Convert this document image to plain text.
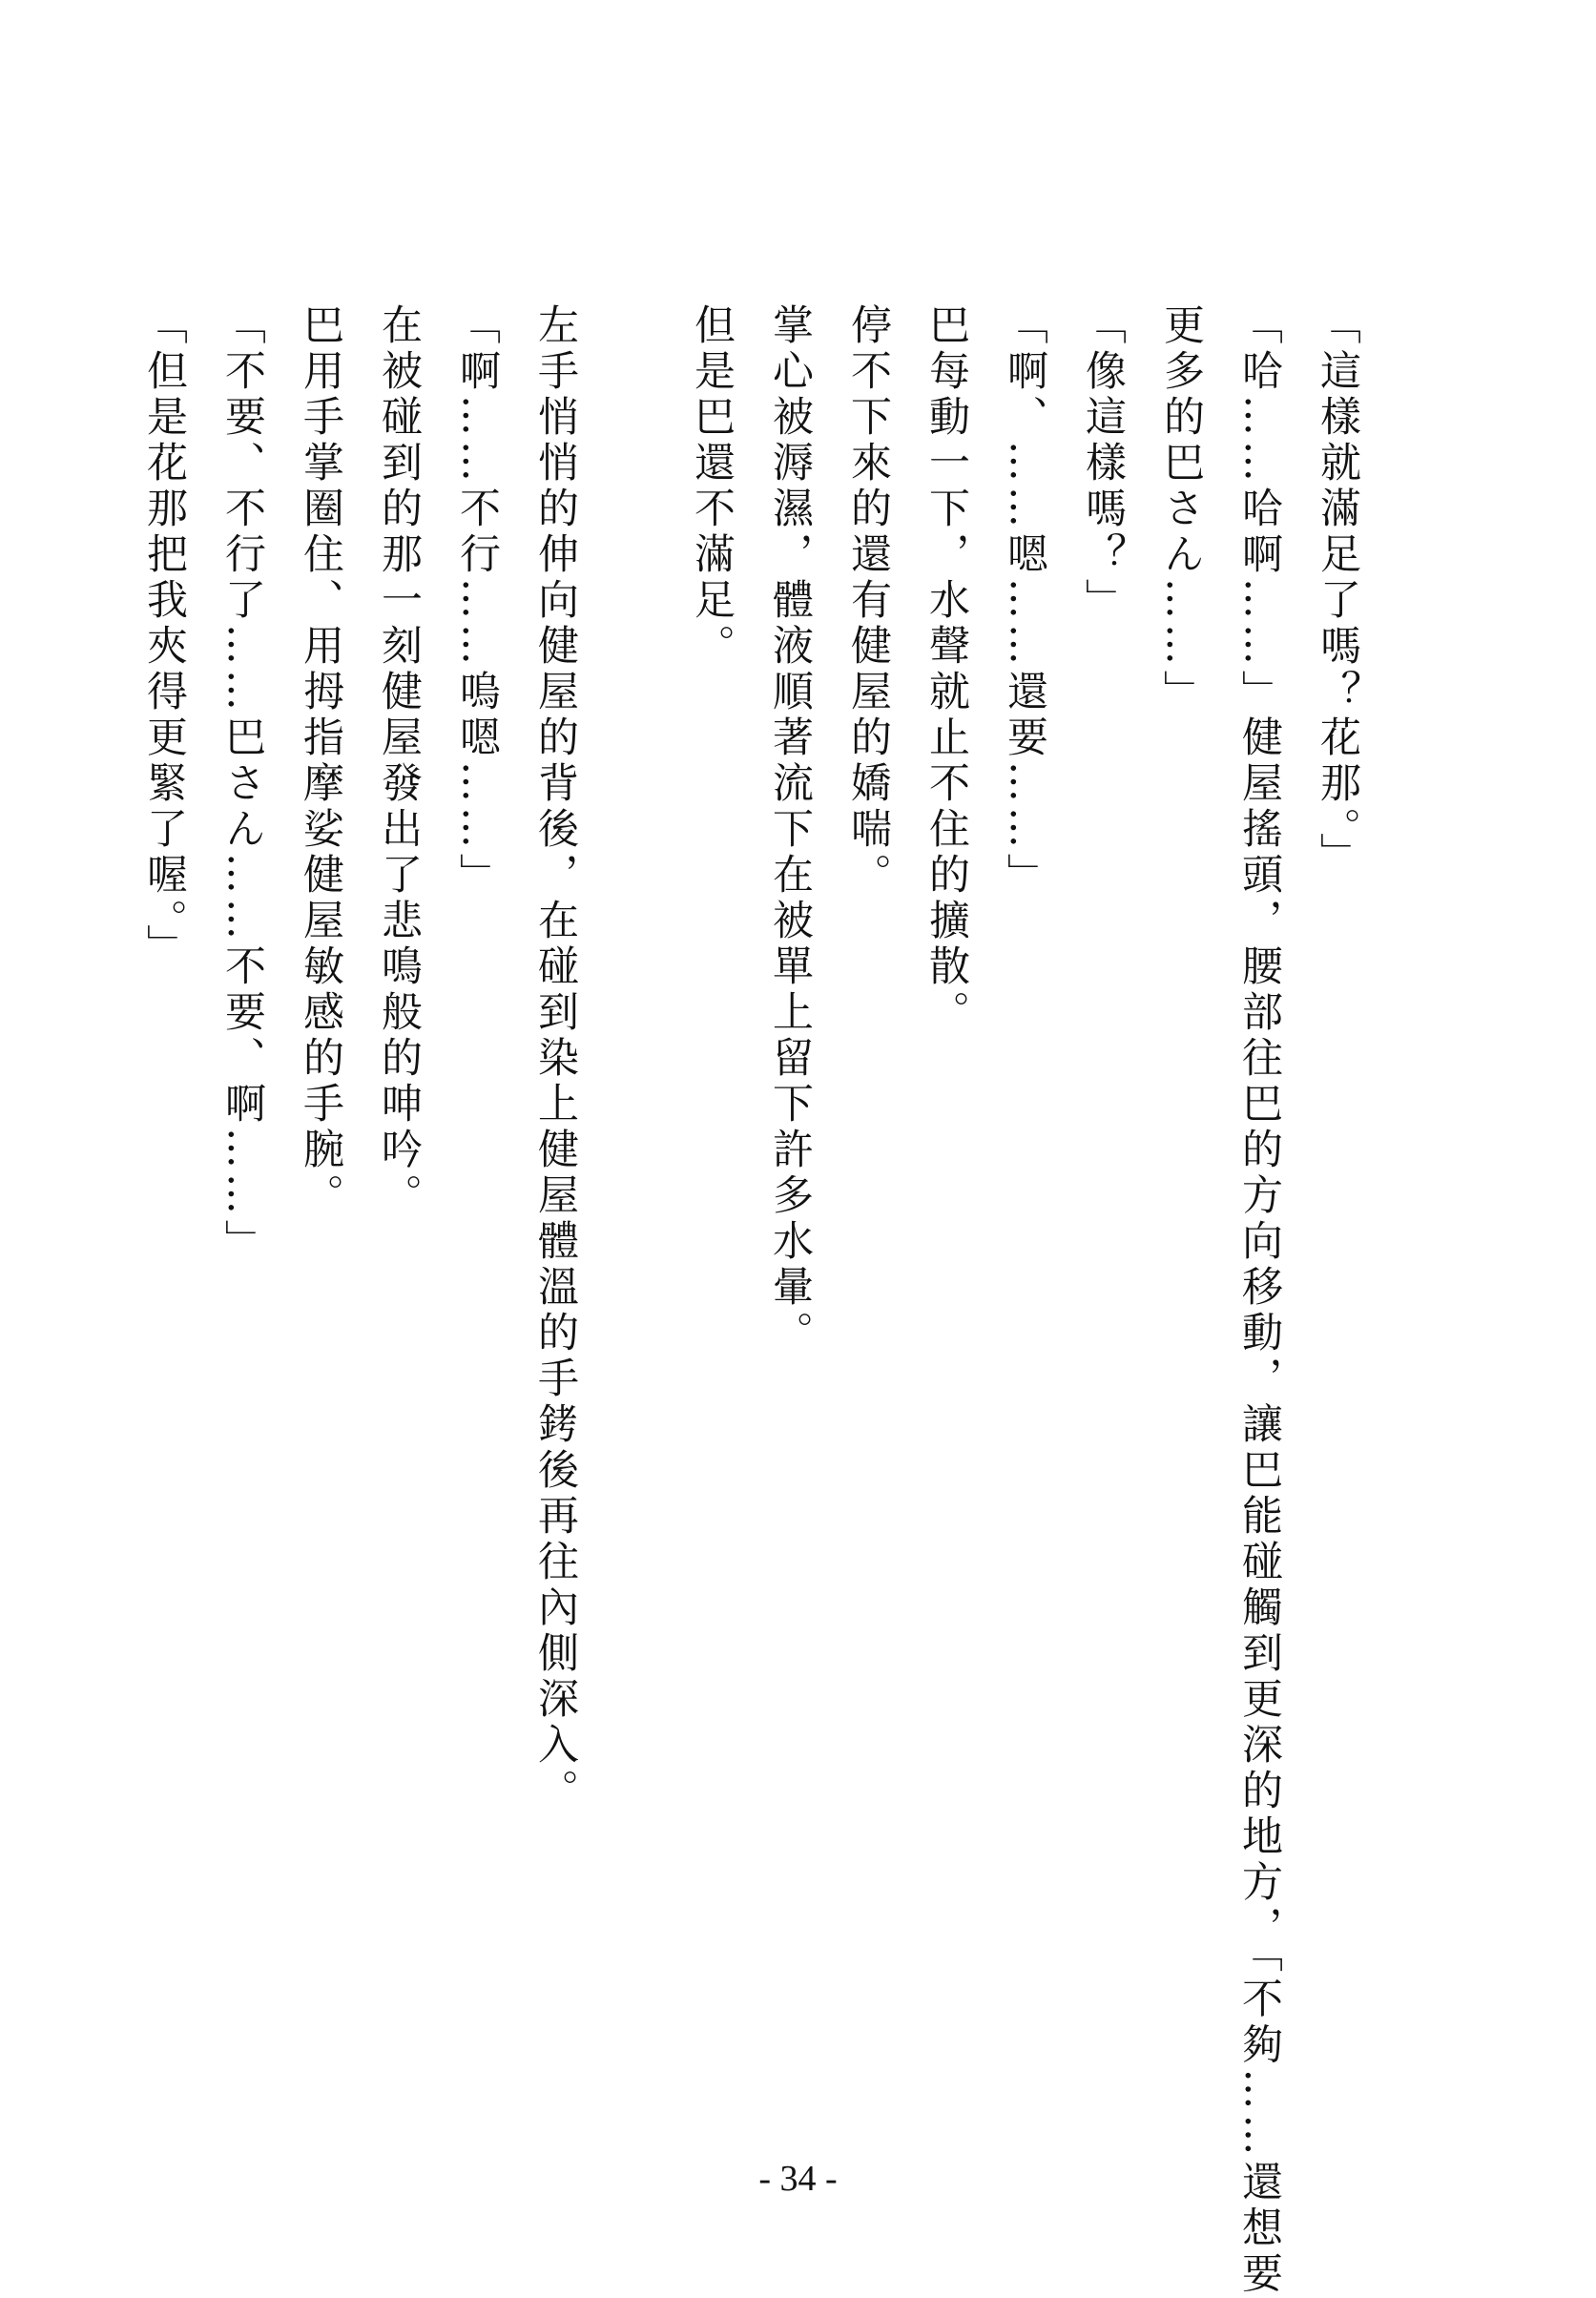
「這樣就滿足了嗎？花那。」
「哈……哈啊……」健屋搖頭，腰部往巴的方向移動，讓巴能碰觸到更深的地方，「不夠……還想要
更多的巴さん……」
「像這樣嗎？」
「啊、……嗯……還要……」
巴每動一下，水聲就止不住的擴散。
停不下來的還有健屋的嬌喘。
掌心被溽濕，體液順著流下在被單上留下許多水暈。
但是巴還不滿足。
左手悄悄的伸向健屋的背後，在碰到染上健屋體溫的手銬後再往內側深入。
「啊……不行……嗚嗯……」
在被碰到的那一刻健屋發出了悲鳴般的呻吟。
巴用手掌圈住、用拇指摩娑健屋敏感的手腕。
「不要、不行了……巴さん……不要、啊……」
「但是花那把我夾得更緊了喔。」
- 34 -
